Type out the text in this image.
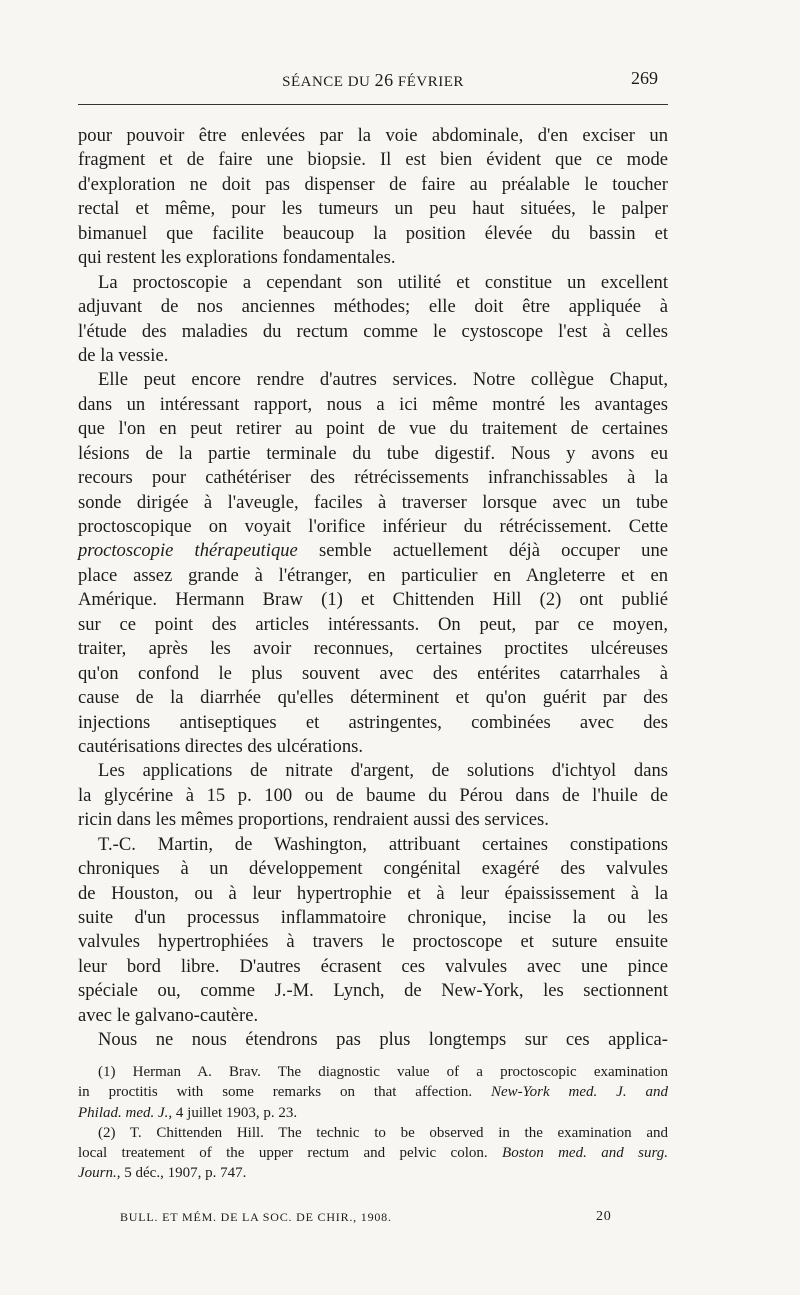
SÉANCE DU 26 FÉVRIER	269
pour pouvoir être enlevées par la voie abdominale, d'en exciser un
fragment et de faire une biopsie. Il est bien évident que ce mode
d'exploration ne doit pas dispenser de faire au préalable le toucher
rectal et même, pour les tumeurs un peu haut situées, le palper
bimanuel que facilite beaucoup la position élevée du bassin et
qui restent les explorations fondamentales.
La proctoscopie a cependant son utilité et constitue un excellent
adjuvant de nos anciennes méthodes; elle doit être appliquée à
l'étude des maladies du rectum comme le cystoscope l'est à celles
de la vessie.
Elle peut encore rendre d'autres services. Notre collègue Chaput,
dans un intéressant rapport, nous a ici même montré les avantages
que l'on en peut retirer au point de vue du traitement de certaines
lésions de la partie terminale du tube digestif. Nous y avons eu
recours pour cathétériser des rétrécissements infranchissables à la
sonde dirigée à l'aveugle, faciles à traverser lorsque avec un tube
proctoscopique on voyait l'orifice inférieur du rétrécissement. Cette
proctoscopie thérapeutique semble actuellement déjà occuper une
place assez grande à l'étranger, en particulier en Angleterre et en
Amérique. Hermann Braw (1) et Chittenden Hill (2) ont publié
sur ce point des articles intéressants. On peut, par ce moyen,
traiter, après les avoir reconnues, certaines proctites ulcéreuses
qu'on confond le plus souvent avec des entérites catarrhales à
cause de la diarrhée qu'elles déterminent et qu'on guérit par des
injections antiseptiques et astringentes, combinées avec des
cautérisations directes des ulcérations.
Les applications de nitrate d'argent, de solutions d'ichtyol dans
la glycérine à 15 p. 100 ou de baume du Pérou dans de l'huile de
ricin dans les mêmes proportions, rendraient aussi des services.
T.-C. Martin, de Washington, attribuant certaines constipations
chroniques à un développement congénital exagéré des valvules
de Houston, ou à leur hypertrophie et à leur épaississement à la
suite d'un processus inflammatoire chronique, incise la ou les
valvules hypertrophiées à travers le proctoscope et suture ensuite
leur bord libre. D'autres écrasent ces valvules avec une pince
spéciale ou, comme J.-M. Lynch, de New-York, les sectionnent
avec le galvano-cautère.
Nous ne nous étendrons pas plus longtemps sur ces applica-
(1) Herman A. Brav. The diagnostic value of a proctoscopic examination
in proctitis with some remarks on that affection. New-York med. J. and
Philad. med. J., 4 juillet 1903, p. 23.
(2) T. Chittenden Hill. The technic to be observed in the examination and
local treatement of the upper rectum and pelvic colon. Boston med. and surg.
Journ., 5 déc., 1907, p. 747.
BULL. ET MÉM. DE LA SOC. DE CHIR., 1908.	20
